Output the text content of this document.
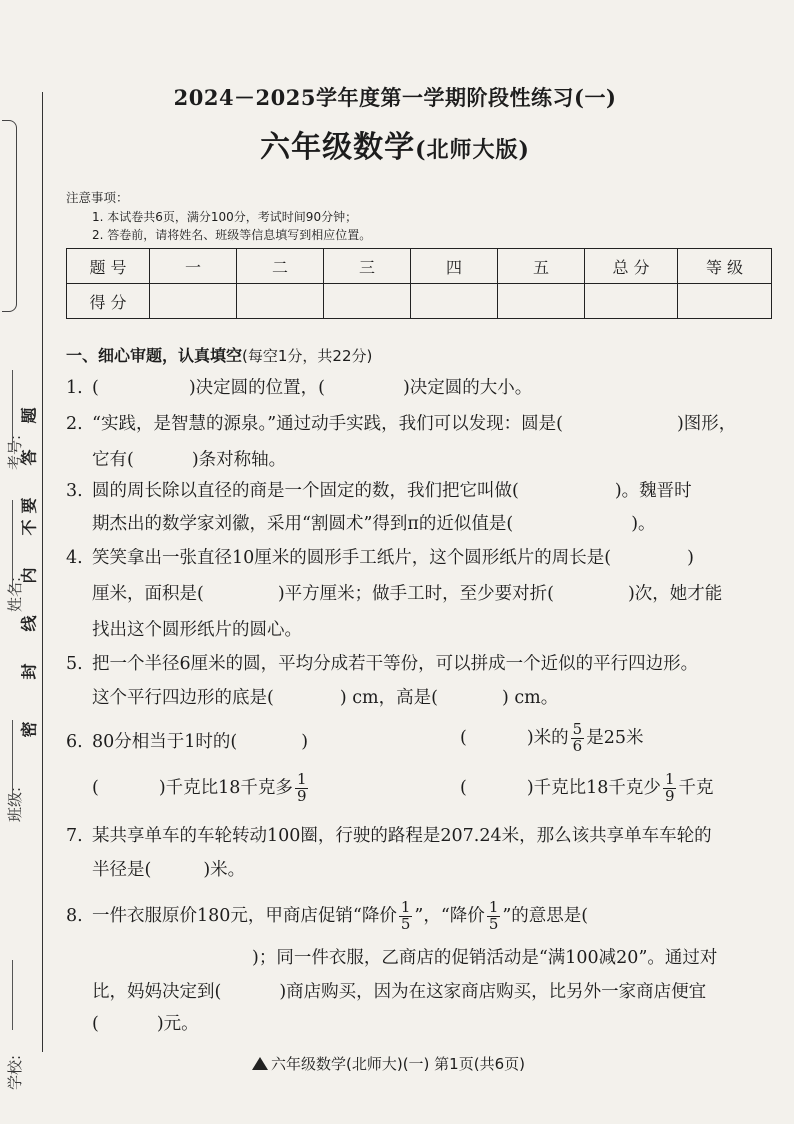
学校:
班级:
姓名:
考号:
密
封
线
内
不
要
答
题
2024－2025学年度第一学期阶段性练习(一)
六年级数学(北师大版)
注意事项：
1. 本试卷共6页，满分100分，考试时间90分钟；
2. 答卷前，请将姓名、班级等信息填写到相应位置。
题 号	一	二	三	四	五	总 分	等 级
得 分							
一、细心审题，认真填空(每空1分，共22分)
1. (	)决定圆的位置，(	)决定圆的大小。
2. “实践，是智慧的源泉。”通过动手实践，我们可以发现：圆是(	)图形，
它有(	)条对称轴。
3. 圆的周长除以直径的商是一个固定的数，我们把它叫做(	)。魏晋时
期杰出的数学家刘徽，采用“割圆术”得到π的近似值是(	)。
4. 笑笑拿出一张直径10厘米的圆形手工纸片，这个圆形纸片的周长是(	)
厘米，面积是(	)平方厘米；做手工时，至少要对折(	)次，她才能
找出这个圆形纸片的圆心。
5. 把一个半径6厘米的圆，平均分成若干等份，可以拼成一个近似的平行四边形。
这个平行四边形的底是(	) cm，高是(	) cm。
6. 80分相当于1时的(	)	(	)米的 $\frac{5}{6}$ 是25米
(	)千克比18千克多 $\frac{1}{9}$	(	)千克比18千克少 $\frac{1}{9}$ 千克
7. 某共享单车的车轮转动100圈，行驶的路程是207.24米，那么该共享单车车轮的
半径是(	)米。
8. 一件衣服原价180元，甲商店促销“降价 $\frac{1}{5}$ ”，“降价 $\frac{1}{5}$ ”的意思是(
)；同一件衣服，乙商店的促销活动是“满100减20”。通过对
比，妈妈决定到(	)商店购买，因为在这家商店购买，比另外一家商店便宜
(	)元。
六年级数学(北师大)(一) 第1页(共6页)
